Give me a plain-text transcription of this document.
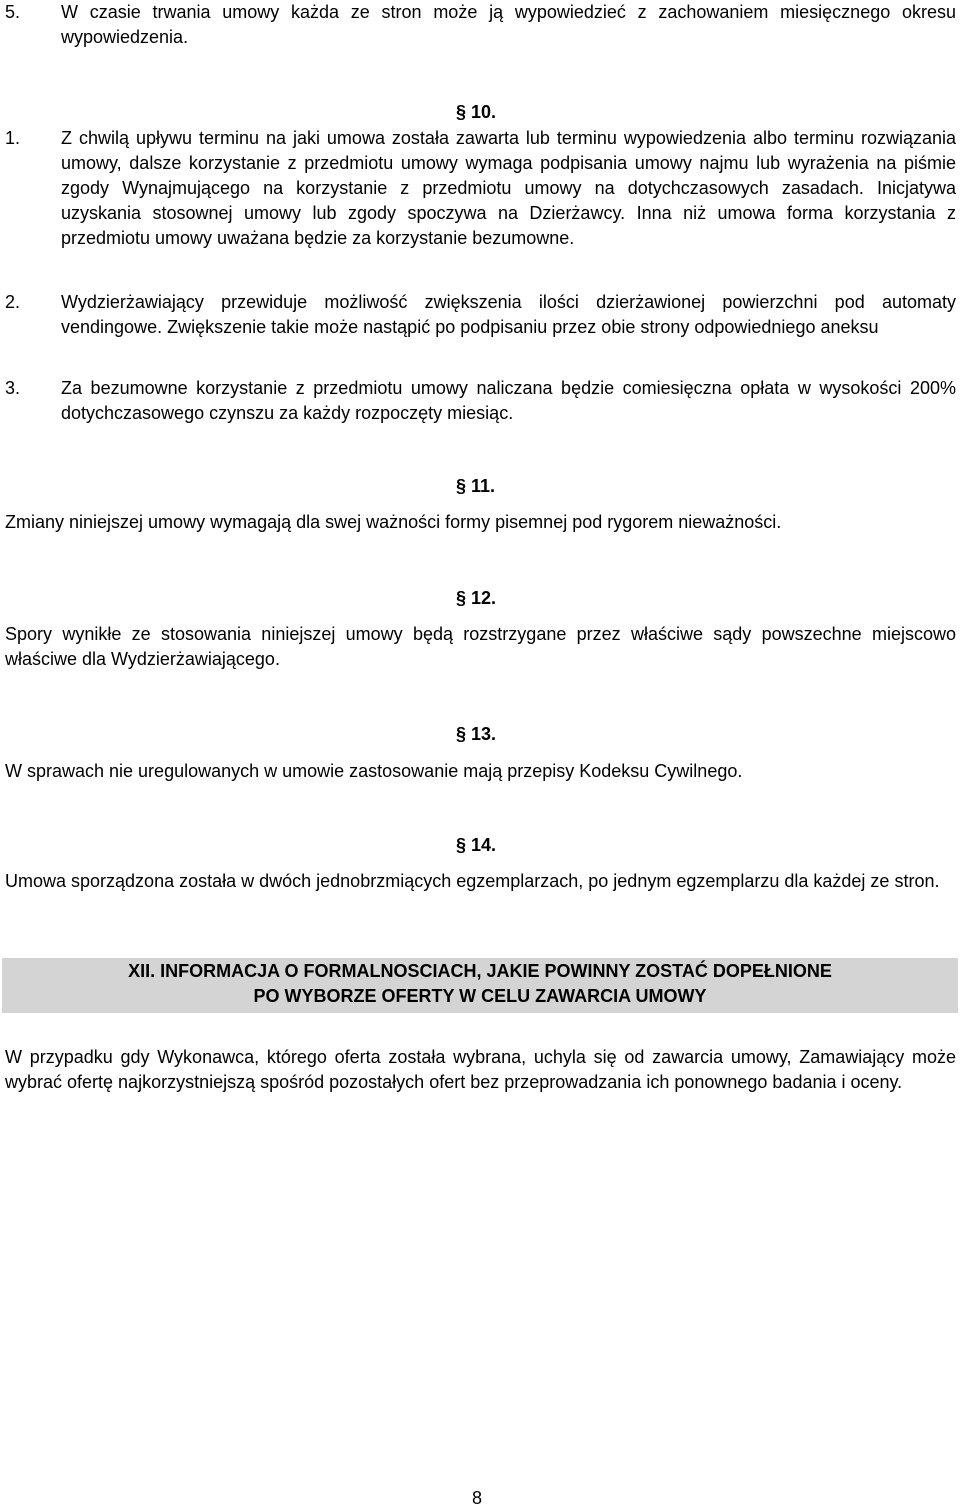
5.	W czasie trwania umowy każda ze stron może ją wypowiedzieć z zachowaniem miesięcznego okresu wypowiedzenia.
§ 10.
1.	Z chwilą upływu terminu na jaki umowa została zawarta lub terminu wypowiedzenia albo terminu rozwiązania umowy, dalsze korzystanie z przedmiotu umowy wymaga podpisania umowy najmu lub wyrażenia na piśmie zgody Wynajmującego na korzystanie z przedmiotu umowy na dotychczasowych zasadach. Inicjatywa uzyskania stosownej umowy lub zgody spoczywa na Dzierżawcy. Inna niż umowa forma korzystania z przedmiotu umowy uważana będzie za korzystanie bezumowne.
2.	Wydzierżawiający przewiduje możliwość zwiększenia ilości dzierżawionej powierzchni pod automaty vendingowe. Zwiększenie takie może nastąpić po podpisaniu przez obie strony odpowiedniego aneksu
3.	Za bezumowne korzystanie z przedmiotu umowy naliczana będzie comiesięczna opłata w wysokości 200% dotychczasowego czynszu za każdy rozpoczęty miesiąc.
§ 11.
Zmiany niniejszej umowy wymagają dla swej ważności formy pisemnej pod rygorem nieważności.
§ 12.
Spory wynikłe ze stosowania niniejszej umowy będą rozstrzygane przez właściwe sądy powszechne miejscowo właściwe dla Wydzierżawiającego.
§ 13.
W sprawach nie uregulowanych w umowie zastosowanie mają przepisy Kodeksu Cywilnego.
§ 14.
Umowa sporządzona została w dwóch jednobrzmiących egzemplarzach, po jednym egzemplarzu dla każdej ze stron.
XII. INFORMACJA O FORMALNOSCIACH, JAKIE POWINNY ZOSTAĆ DOPEŁNIONE
PO WYBORZE OFERTY W CELU ZAWARCIA UMOWY
W przypadku gdy Wykonawca, którego oferta została wybrana, uchyla się od zawarcia umowy, Zamawiający może wybrać ofertę najkorzystniejszą spośród pozostałych ofert bez przeprowadzania ich ponownego badania i oceny.
8
